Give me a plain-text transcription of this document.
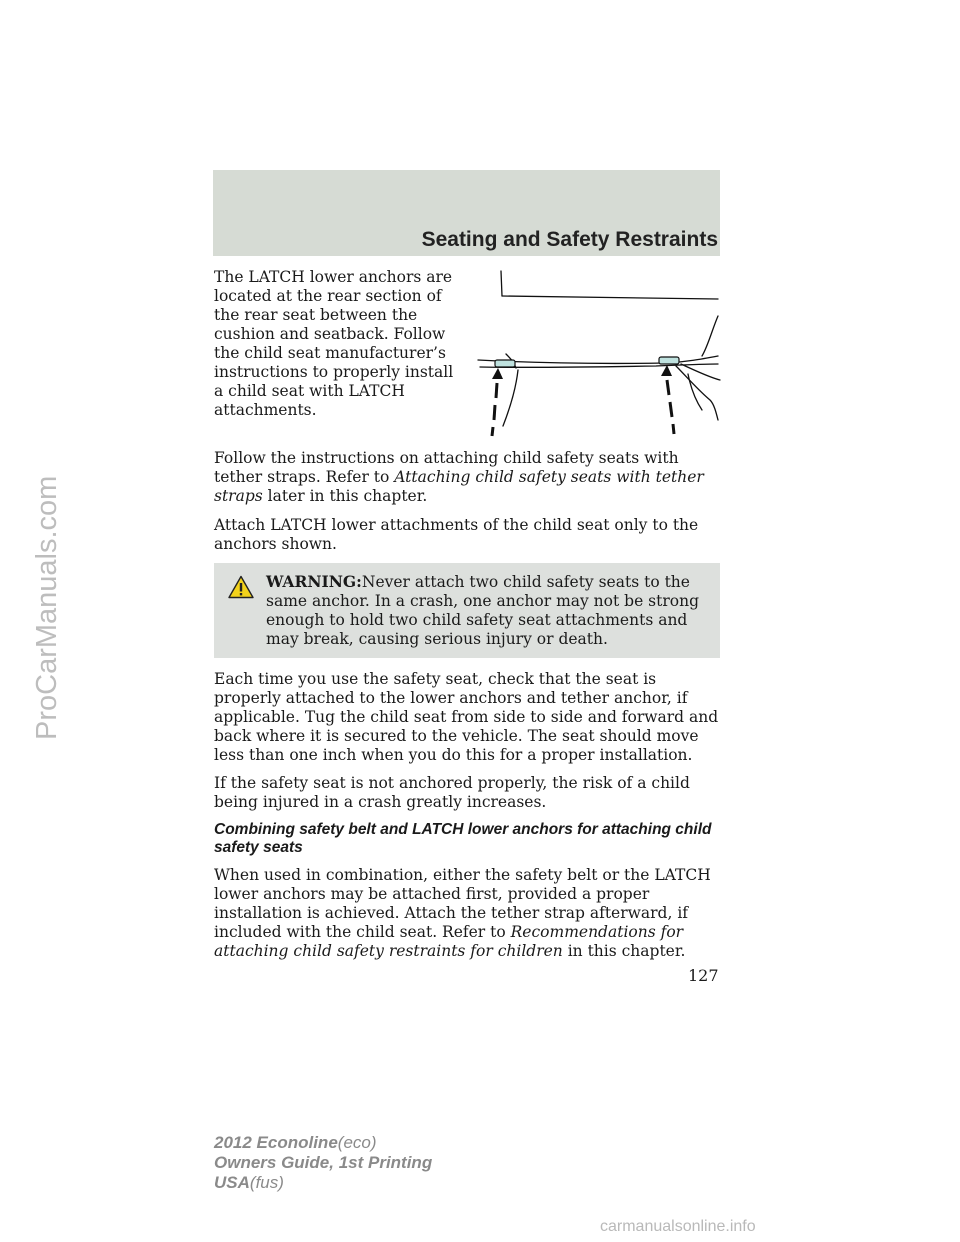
Seating and Safety Restraints
The LATCH lower anchors are located at the rear section of the rear seat between the cushion and seatback. Follow the child seat manufacturer’s instructions to properly install a child seat with LATCH attachments.

Follow the instructions on attaching child safety seats with tether straps. Refer to Attaching child safety seats with tether straps later in this chapter.

Attach LATCH lower attachments of the child seat only to the anchors shown.

WARNING:Never attach two child safety seats to the same anchor. In a crash, one anchor may not be strong enough to hold two child safety seat attachments and may break, causing serious injury or death.

Each time you use the safety seat, check that the seat is properly attached to the lower anchors and tether anchor, if applicable. Tug the child seat from side to side and forward and back where it is secured to the vehicle. The seat should move less than one inch when you do this for a proper installation.

If the safety seat is not anchored properly, the risk of a child being injured in a crash greatly increases.

Combining safety belt and LATCH lower anchors for attaching child safety seats

When used in combination, either the safety belt or the LATCH lower anchors may be attached first, provided a proper installation is achieved. Attach the tether strap afterward, if included with the child seat. Refer to Recommendations for attaching child safety restraints for children in this chapter.

127
2012 Econoline(eco)
Owners Guide, 1st Printing
USA(fus)
ProCarManuals.com
carmanualsonline.info
